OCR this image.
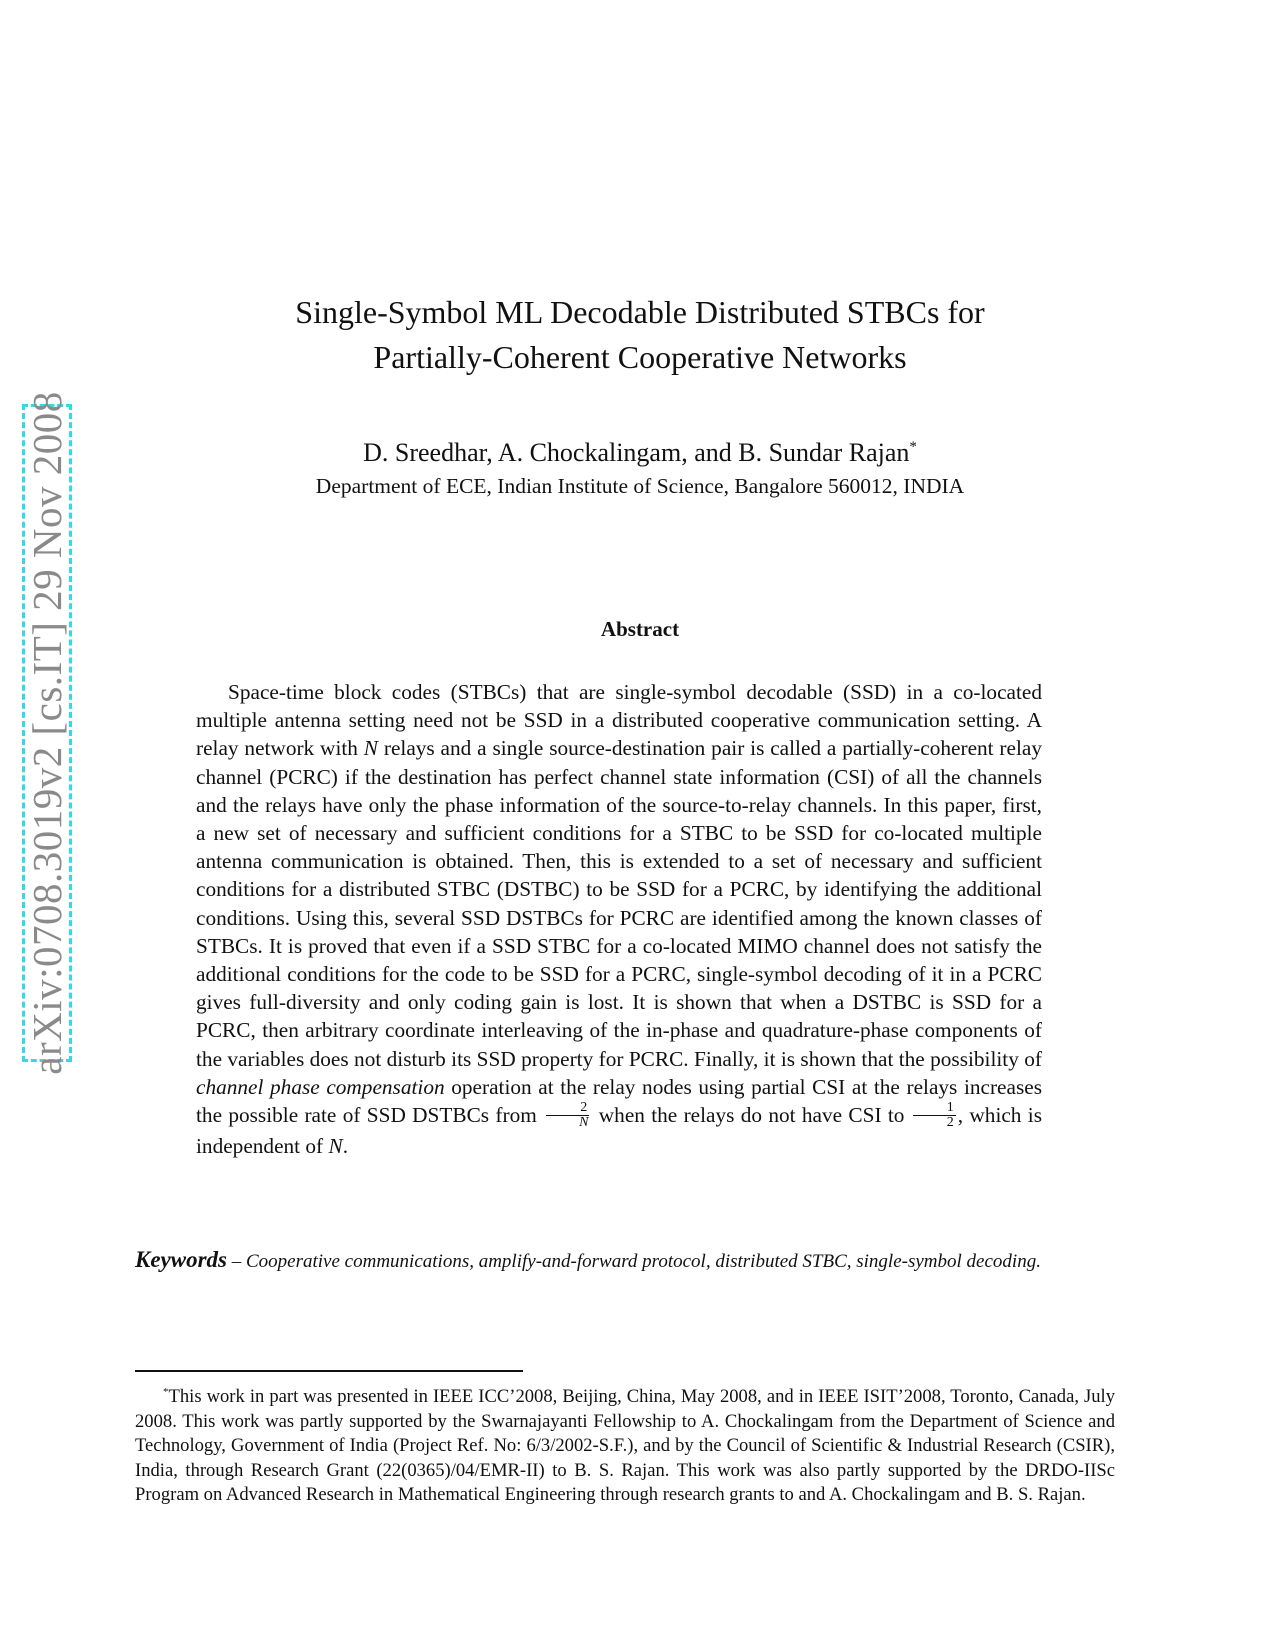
arXiv:0708.3019v2 [cs.IT] 29 Nov 2008
Single-Symbol ML Decodable Distributed STBCs for
Partially-Coherent Cooperative Networks
D. Sreedhar, A. Chockalingam, and B. Sundar Rajan*
Department of ECE, Indian Institute of Science, Bangalore 560012, INDIA
Abstract

Space-time block codes (STBCs) that are single-symbol decodable (SSD) in a co-located multiple antenna setting need not be SSD in a distributed cooperative communication setting. A relay network with N relays and a single source-destination pair is called a partially-coherent relay channel (PCRC) if the destination has perfect channel state information (CSI) of all the channels and the relays have only the phase information of the source-to-relay channels. In this paper, first, a new set of necessary and sufficient conditions for a STBC to be SSD for co-located multiple antenna communication is obtained. Then, this is extended to a set of necessary and sufficient conditions for a distributed STBC (DSTBC) to be SSD for a PCRC, by identifying the additional conditions. Using this, several SSD DSTBCs for PCRC are identified among the known classes of STBCs. It is proved that even if a SSD STBC for a co-located MIMO channel does not satisfy the additional conditions for the code to be SSD for a PCRC, single-symbol decoding of it in a PCRC gives full-diversity and only coding gain is lost. It is shown that when a DSTBC is SSD for a PCRC, then arbitrary coordinate interleaving of the in-phase and quadrature-phase components of the variables does not disturb its SSD property for PCRC. Finally, it is shown that the possibility of channel phase compensation operation at the relay nodes using partial CSI at the relays increases the possible rate of SSD DSTBCs from $\frac{2}{N}$ when the relays do not have CSI to $\frac{1}{2}$ , which is independent of N.

Keywords – Cooperative communications, amplify-and-forward protocol, distributed STBC, single-symbol decoding.

*This work in part was presented in IEEE ICC’2008, Beijing, China, May 2008, and in IEEE ISIT’2008, Toronto, Canada, July 2008. This work was partly supported by the Swarnajayanti Fellowship to A. Chockalingam from the Department of Science and Technology, Government of India (Project Ref. No: 6/3/2002-S.F.), and by the Council of Scientific & Industrial Research (CSIR), India, through Research Grant (22(0365)/04/EMR-II) to B. S. Rajan. This work was also partly supported by the DRDO-IISc Program on Advanced Research in Mathematical Engineering through research grants to and A. Chockalingam and B. S. Rajan.
